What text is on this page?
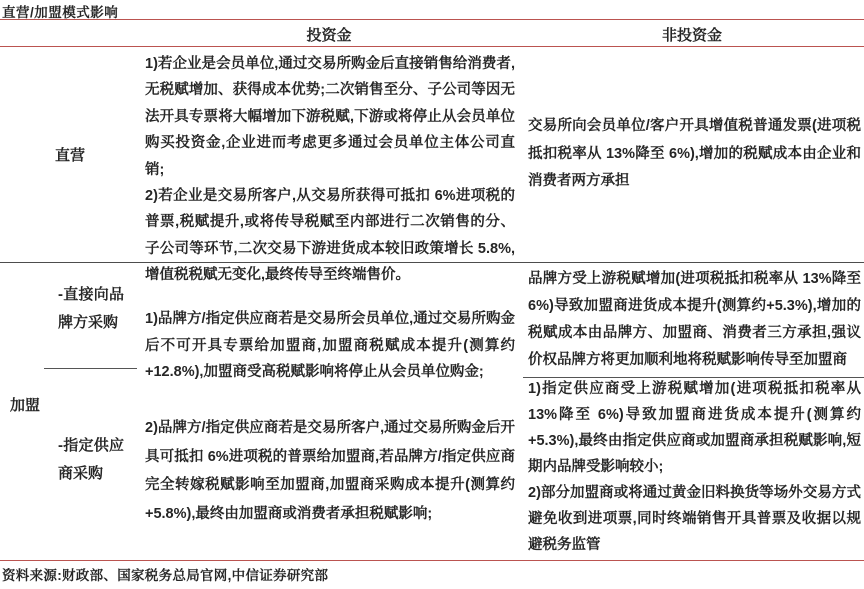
直营/加盟模式影响
投资金	非投资金
直营

1)若企业是会员单位,通过交易所购金后直接销售给消费者,无税赋增加、获得成本优势;二次销售至分、子公司等因无法开具专票将大幅增加下游税赋,下游或将停止从会员单位购买投资金,企业进而考虑更多通过会员单位主体公司直销;

2)若企业是交易所客户,从交易所获得可抵扣 6%进项税的普票,税赋提升,或将传导税赋至内部进行二次销售的分、子公司等环节,二次交易下游进货成本较旧政策增长 5.8%,增值税税赋无变化,最终传导至终端售价。

交易所向会员单位/客户开具增值税普通发票(进项税抵扣税率从 13%降至 6%),增加的税赋成本由企业和消费者两方承担

加盟
-直接向品牌方采购
-指定供应商采购
1)品牌方/指定供应商若是交易所会员单位,通过交易所购金后不可开具专票给加盟商,加盟商税赋成本提升(测算约+12.8%),加盟商受高税赋影响将停止从会员单位购金;
2)品牌方/指定供应商若是交易所客户,通过交易所购金后开具可抵扣 6%进项税的普票给加盟商,若品牌方/指定供应商完全转嫁税赋影响至加盟商,加盟商采购成本提升(测算约+5.8%),最终由加盟商或消费者承担税赋影响;
品牌方受上游税赋增加(进项税抵扣税率从 13%降至6%)导致加盟商进货成本提升(测算约+5.3%),增加的税赋成本由品牌方、加盟商、消费者三方承担,强议价权品牌方将更加顺利地将税赋影响传导至加盟商

1)指定供应商受上游税赋增加(进项税抵扣税率从13%降至 6%)导致加盟商进货成本提升(测算约+5.3%),最终由指定供应商或加盟商承担税赋影响,短期内品牌受影响较小;

2)部分加盟商或将通过黄金旧料换货等场外交易方式避免收到进项票,同时终端销售开具普票及收据以规避税务监管

资料来源:财政部、国家税务总局官网,中信证券研究部
